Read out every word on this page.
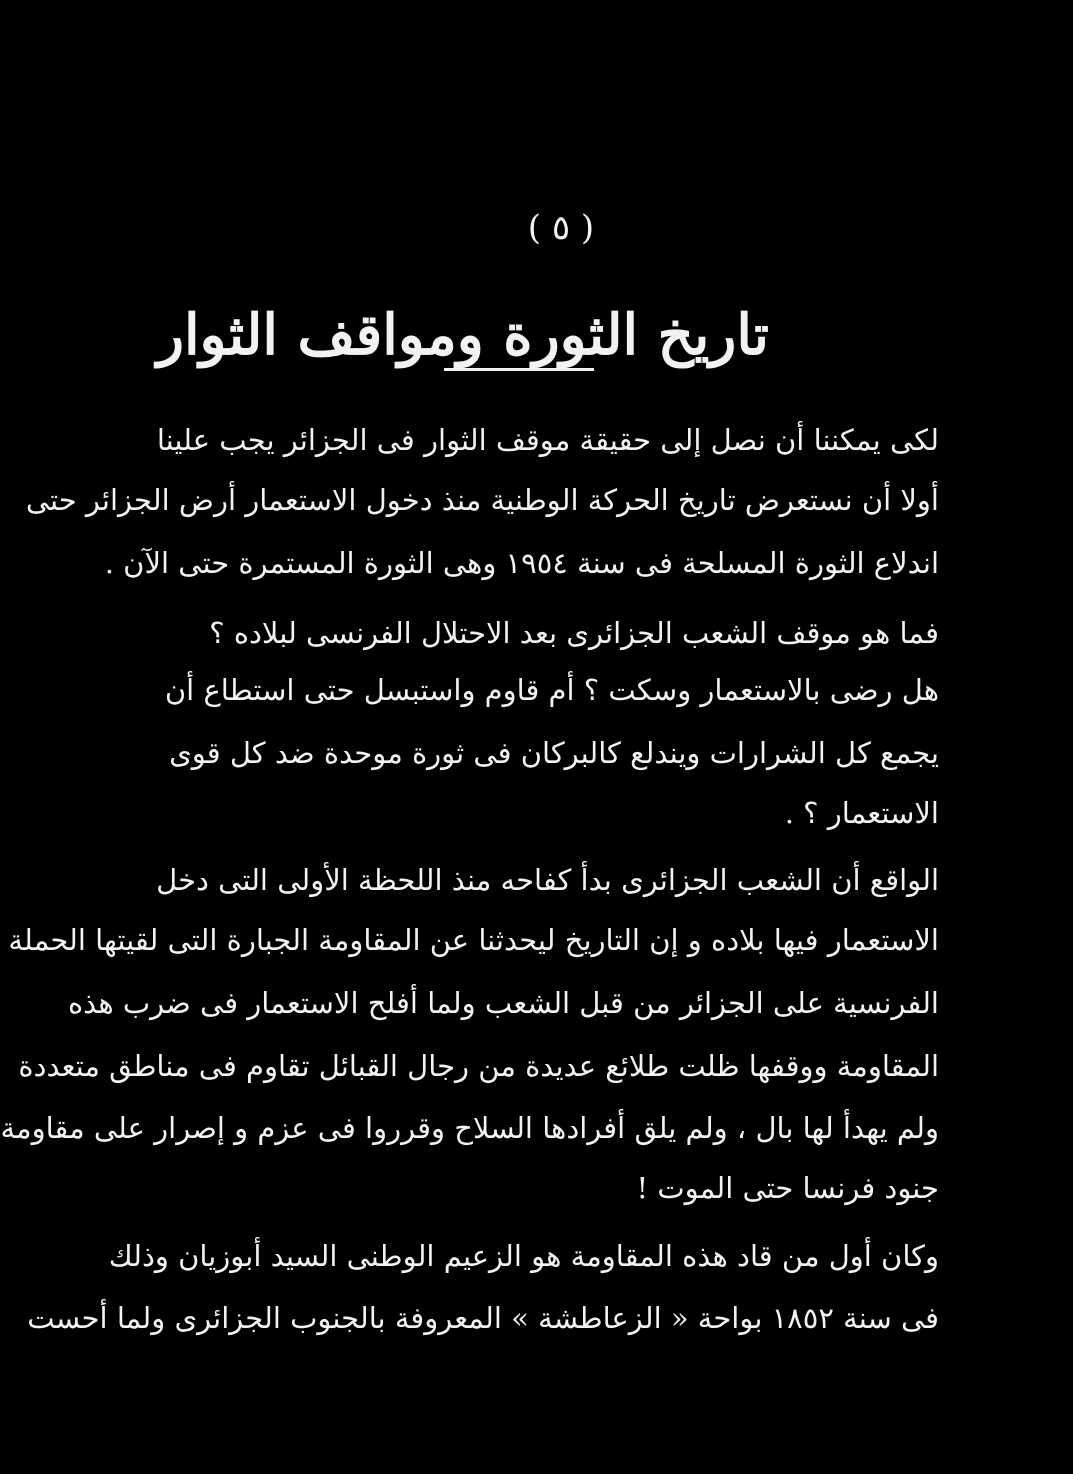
( ٥ )
تاريخ الثورة ومواقف الثوار
لكى يمكننا أن نصل إلى حقيقة موقف الثوار فى الجزائر يجب علينا
أولا أن نستعرض تاريخ الحركة الوطنية منذ دخول الاستعمار أرض الجزائر حتى
اندلاع الثورة المسلحة فى سنة ١٩٥٤ وهى الثورة المستمرة حتى الآن .
فما هو موقف الشعب الجزائرى بعد الاحتلال الفرنسى لبلاده ؟
هل رضى بالاستعمار وسكت ؟ أم قاوم واستبسل حتى استطاع أن
يجمع كل الشرارات ويندلع كالبركان فى ثورة موحدة ضد كل قوى
الاستعمار ؟ .
الواقع أن الشعب الجزائرى بدأ كفاحه منذ اللحظة الأولى التى دخل
الاستعمار فيها بلاده و إن التاريخ ليحدثنا عن المقاومة الجبارة التى لقيتها الحملة
الفرنسية على الجزائر من قبل الشعب ولما أفلح الاستعمار فى ضرب هذه
المقاومة ووقفها ظلت طلائع عديدة من رجال القبائل تقاوم فى مناطق متعددة
ولم يهدأ لها بال ، ولم يلق أفرادها السلاح وقرروا فى عزم و إصرار على مقاومة
جنود فرنسا حتى الموت !
وكان أول من قاد هذه المقاومة هو الزعيم الوطنى السيد أبوزيان وذلك
فى سنة ١٨٥٢ بواحة « الزعاطشة » المعروفة بالجنوب الجزائرى ولما أحست
